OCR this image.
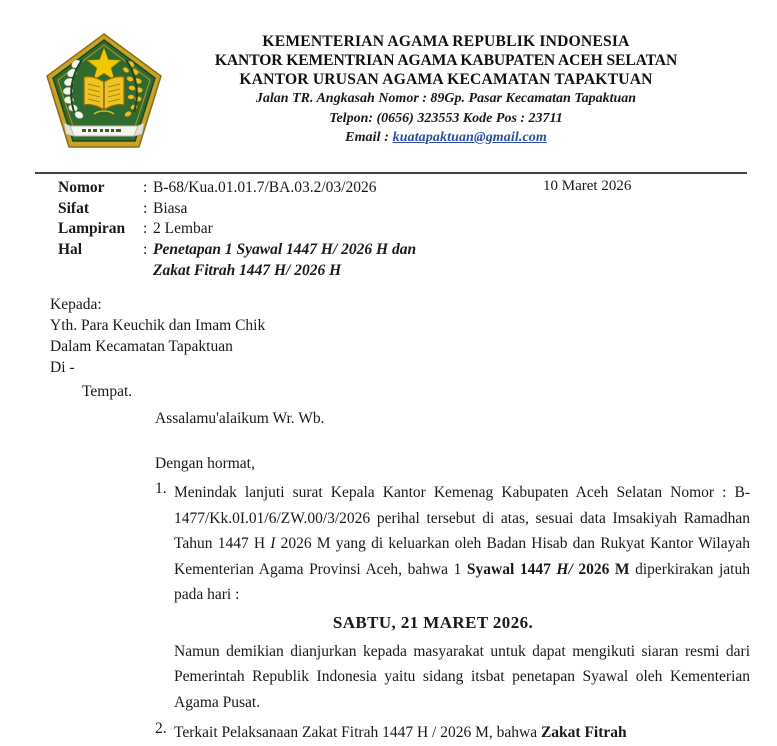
KEMENTERIAN AGAMA REPUBLIK INDONESIA
KANTOR KEMENTRIAN AGAMA KABUPATEN ACEH SELATAN
KANTOR URUSAN AGAMA KECAMATAN TAPAKTUAN
Jalan TR. Angkasah Nomor : 89Gp. Pasar Kecamatan Tapaktuan
Telpon: (0656) 323553 Kode Pos : 23711
Email : kuatapaktuan@gmail.com
Nomor	: B-68/Kua.01.01.7/BA.03.2/03/2026
Sifat	: Biasa
Lampiran	: 2 Lembar
Hal	: Penetapan 1 Syawal 1447 H/ 2026 H dan
Zakat Fitrah 1447 H/ 2026 H
10 Maret 2026
Kepada:
Yth. Para Keuchik dan Imam Chik
Dalam Kecamatan Tapaktuan
Di -
Tempat.
Assalamu'alaikum Wr. Wb.
Dengan hormat,
1. Menindak lanjuti surat Kepala Kantor Kemenag Kabupaten Aceh Selatan Nomor : B-1477/Kk.0I.01/6/ZW.00/3/2026 perihal tersebut di atas, sesuai data Imsakiyah Ramadhan Tahun 1447 H I 2026 M yang di keluarkan oleh Badan Hisab dan Rukyat Kantor Wilayah Kementerian Agama Provinsi Aceh, bahwa 1 Syawal 1447 H/ 2026 M diperkirakan jatuh pada hari :
SABTU, 21 MARET 2026.
Namun demikian dianjurkan kepada masyarakat untuk dapat mengikuti siaran resmi dari Pemerintah Republik Indonesia yaitu sidang itsbat penetapan Syawal oleh Kementerian Agama Pusat.
2. Terkait Pelaksanaan Zakat Fitrah 1447 H / 2026 M, bahwa Zakat Fitrah
